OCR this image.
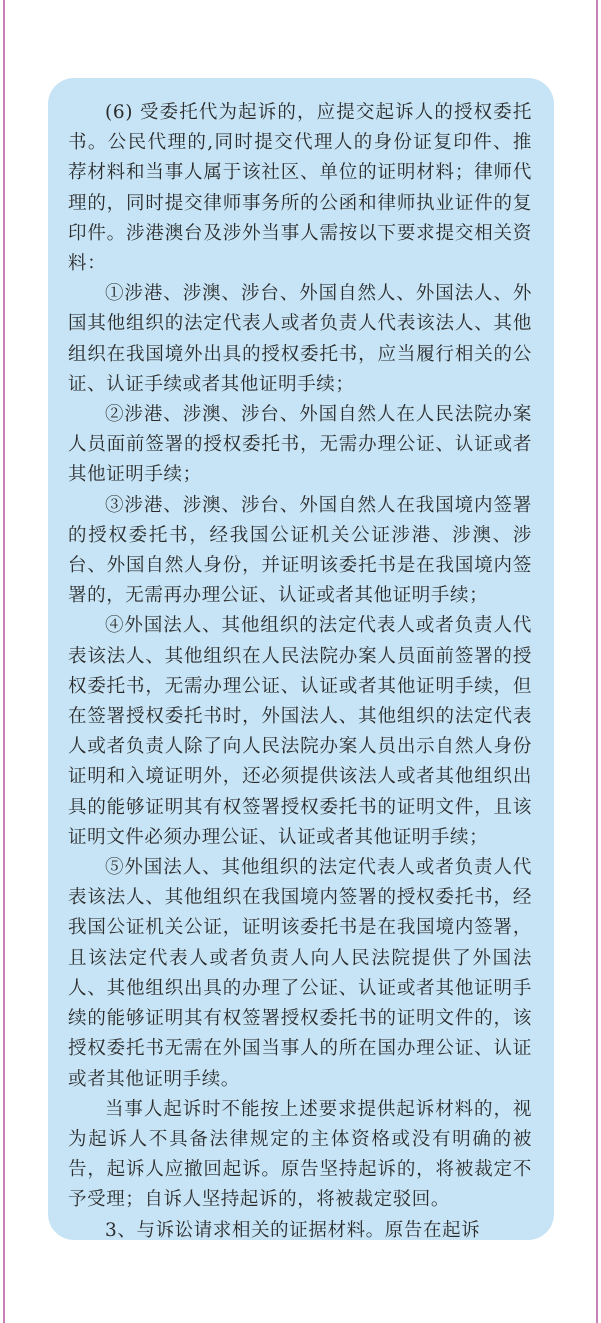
(6) 受委托代为起诉的，应提交起诉人的授权委托书。公民代理的,同时提交代理人的身份证复印件、推荐材料和当事人属于该社区、单位的证明材料；律师代理的，同时提交律师事务所的公函和律师执业证件的复印件。涉港澳台及涉外当事人需按以下要求提交相关资料：

①涉港、涉澳、涉台、外国自然人、外国法人、外国其他组织的法定代表人或者负责人代表该法人、其他组织在我国境外出具的授权委托书，应当履行相关的公证、认证手续或者其他证明手续；

②涉港、涉澳、涉台、外国自然人在人民法院办案人员面前签署的授权委托书，无需办理公证、认证或者其他证明手续；

③涉港、涉澳、涉台、外国自然人在我国境内签署的授权委托书，经我国公证机关公证涉港、涉澳、涉台、外国自然人身份，并证明该委托书是在我国境内签署的，无需再办理公证、认证或者其他证明手续；

④外国法人、其他组织的法定代表人或者负责人代表该法人、其他组织在人民法院办案人员面前签署的授权委托书，无需办理公证、认证或者其他证明手续，但在签署授权委托书时，外国法人、其他组织的法定代表人或者负责人除了向人民法院办案人员出示自然人身份证明和入境证明外，还必须提供该法人或者其他组织出具的能够证明其有权签署授权委托书的证明文件，且该证明文件必须办理公证、认证或者其他证明手续；

⑤外国法人、其他组织的法定代表人或者负责人代表该法人、其他组织在我国境内签署的授权委托书，经我国公证机关公证，证明该委托书是在我国境内签署，且该法定代表人或者负责人向人民法院提供了外国法人、其他组织出具的办理了公证、认证或者其他证明手续的能够证明其有权签署授权委托书的证明文件的，该授权委托书无需在外国当事人的所在国办理公证、认证或者其他证明手续。

当事人起诉时不能按上述要求提供起诉材料的，视为起诉人不具备法律规定的主体资格或没有明确的被告，起诉人应撤回起诉。原告坚持起诉的，将被裁定不予受理；自诉人坚持起诉的，将被裁定驳回。

3、与诉讼请求相关的证据材料。原告在起诉
